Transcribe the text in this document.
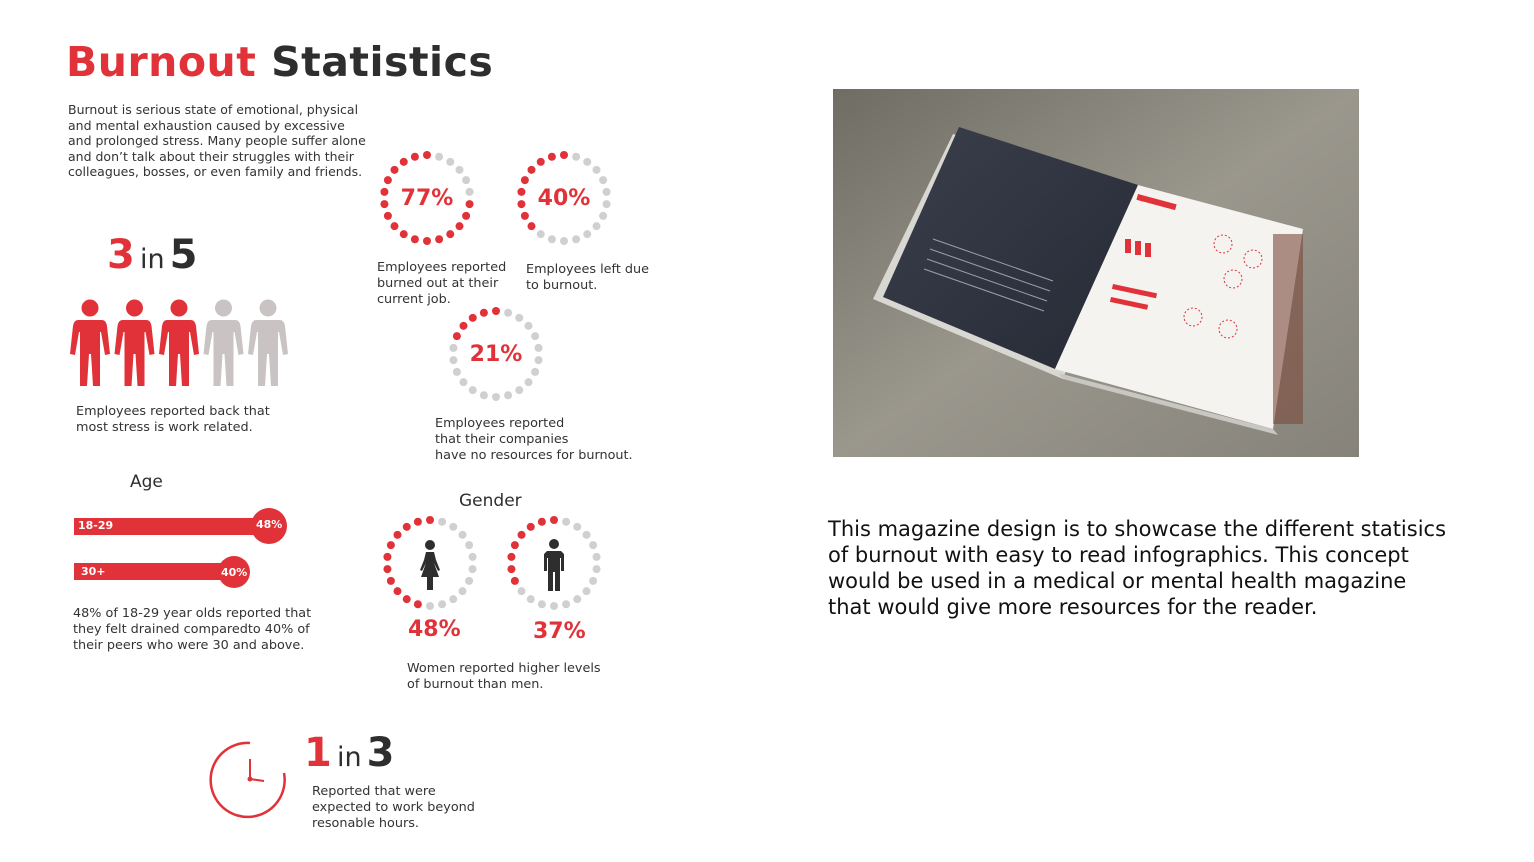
Burnout Statistics
Burnout is serious state of emotional, physical and mental exhaustion caused by excessive and prolonged stress. Many people suffer alone and don’t talk about their struggles with their colleagues, bosses, or even family and friends.
3 in 5
Employees reported back that
most stress is work related.
77%
Employees reported
burned out at their
current job.
40%
Employees left due
to burnout.
21%
Employees reported
that their companies
have no resources for burnout.
Age
18-29	48%
30+	40%
48% of 18-29 year olds reported that
they felt drained comparedto 40% of
their peers who were 30 and above.
Gender
48%	37%
Women reported higher levels
of burnout than men.
1 in 3
Reported that were
expected to work beyond
resonable hours.
This magazine design is to showcase the different statisics
of burnout with easy to read infographics. This concept
would be used in a medical or mental health magazine
that would give more resources for the reader.
